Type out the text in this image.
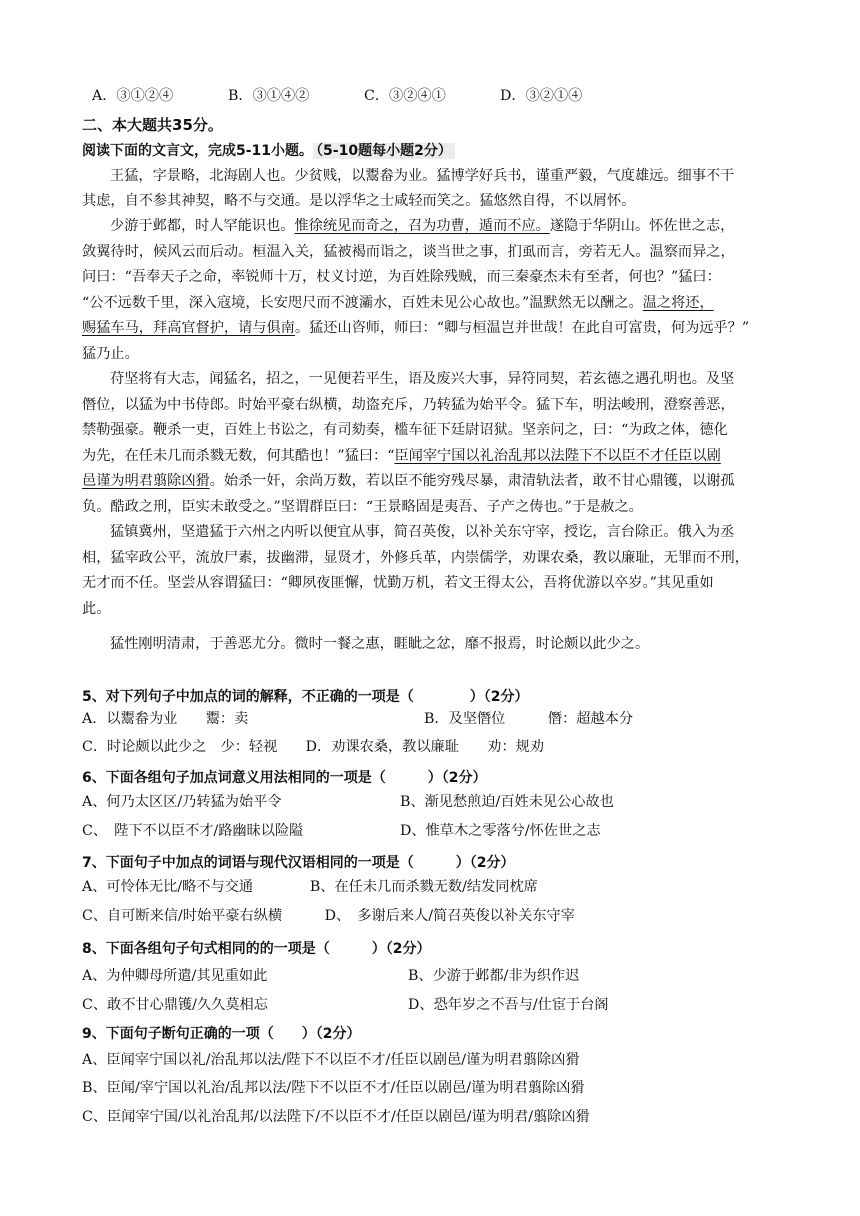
A．③①②④	B．③①④②	C．③②④①	D．③②①④
二、本大题共35分。
阅读下面的文言文，完成5-11小题。 （5-10题每小题2分）
王猛，字景略，北海剧人也。少贫贱，以鬻畚为业。猛博学好兵书，谨重严毅，气度雄远。细事不干
其虑，自不参其神契，略不与交通。是以浮华之士咸轻而笑之。猛悠然自得，不以屑怀。
少游于邺都，时人罕能识也。惟徐统见而奇之，召为功曹，遁而不应。遂隐于华阴山。怀佐世之志，
敛翼待时，候风云而后动。桓温入关，猛被褐而诣之，谈当世之事，扪虱而言，旁若无人。温察而异之，
问曰：“吾奉天子之命，率锐师十万，杖义讨逆，为百姓除残贼，而三秦豪杰未有至者，何也？”猛曰：
“公不远数千里，深入寇境，长安咫尺而不渡灞水，百姓未见公心故也。”温默然无以酬之。温之将还，
赐猛车马，拜高官督护，请与俱南。猛还山咨师，师曰：“卿与桓温岂并世哉！在此自可富贵，何为远乎？”
猛乃止。
苻坚将有大志，闻猛名，招之，一见便若平生，语及废兴大事，异符同契，若玄德之遇孔明也。及坚
僭位，以猛为中书侍郎。时始平豪右纵横，劫盗充斥，乃转猛为始平令。猛下车，明法峻刑，澄察善恶，
禁勒强豪。鞭杀一吏，百姓上书讼之，有司劾奏，槛车征下廷尉诏狱。坚亲问之，曰：“为政之体，德化
为先，在任未几而杀戮无数，何其酷也！”猛曰：“臣闻宰宁国以礼治乱邦以法陛下不以臣不才任臣以剧
邑谨为明君翦除凶猾。始杀一奸，余尚万数，若以臣不能穷残尽暴，肃清轨法者，敢不甘心鼎镬，以谢孤
负。酷政之刑，臣实未敢受之。”坚谓群臣曰：“王景略固是夷吾、子产之俦也。”于是赦之。
猛镇冀州，坚遣猛于六州之内听以便宜从事，简召英俊，以补关东守宰，授讫，言台除正。俄入为丞
相，猛宰政公平，流放尸素，拔幽滞，显贤才，外修兵革，内崇儒学，劝课农桑，教以廉耻，无罪而不刑，
无才而不任。坚尝从容谓猛曰：“卿夙夜匪懈，忧勤万机，若文王得太公，吾将优游以卒岁。”其见重如
此。
猛性刚明清肃，于善恶尤分。微时一餐之惠，睚眦之忿，靡不报焉，时论颇以此少之。
5、对下列句子中加点的词的解释，不正确的一项是（　　　　）（2分）
A．以鬻畚为业　　鬻：卖	B．及坚僭位　　　僭：超越本分
C．时论颇以此少之　少：轻视　　D．劝课农桑，教以廉耻　　劝：规劝
6、下面各组句子加点词意义用法相同的一项是（　　　）（2分）
A、何乃太区区/乃转猛为始平令	B、渐见愁煎迫/百姓未见公心故也
C、　陛下不以臣不才/路幽昧以险隘	D、惟草木之零落兮/怀佐世之志
7、下面句子中加点的词语与现代汉语相同的一项是（　　　）（2分）
A、可怜体无比/略不与交通　　　　B、在任未几而杀戮无数/结发同枕席
C、自可断来信/时始平豪右纵横　　　D、　多谢后来人/简召英俊以补关东守宰
8、下面各组句子句式相同的的一项是（　　　）（2分）
A、为仲卿母所遣/其见重如此	B、少游于邺都/非为织作迟
C、敢不甘心鼎镬/久久莫相忘	D、恐年岁之不吾与/仕宦于台阁
9、下面句子断句正确的一项（　　）（2分）
A、臣闻宰宁国以礼/治乱邦以法/陛下不以臣不才/任臣以剧邑/谨为明君翦除凶猾
B、臣闻/宰宁国以礼治/乱邦以法/陛下不以臣不才/任臣以剧邑/谨为明君翦除凶猾
C、臣闻宰宁国/以礼治乱邦/以法陛下/不以臣不才/任臣以剧邑/谨为明君/翦除凶猾
